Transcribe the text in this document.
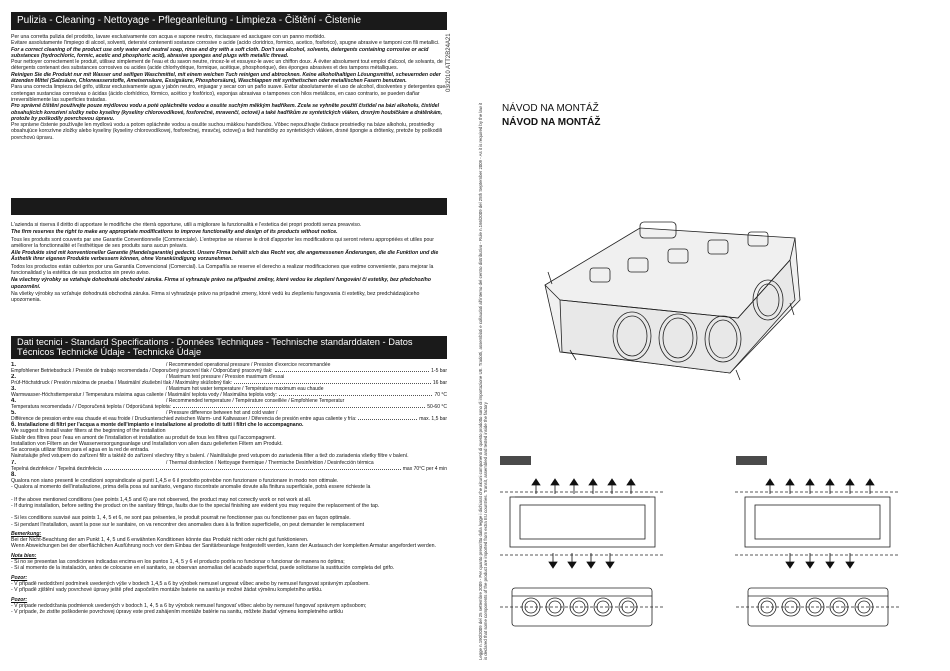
Pulizia - Cleaning - Nettoyage - Pflegeanleitung - Limpieza - Čištění - Čistenie

Per una corretta pulizia del prodotto, lavare esclusivamente con acqua e sapone neutro, risciaquare ed asciugare con un panno morbido.

Evitare assolutamente l'impiego di alcool, solventi, detersivi contenenti sostanze corrosive o acide (acido cloridrico, formico, acetico, fosforico), spugne abrasive e tamponi con fili metallici.

For a correct cleaning of the product use only water and neutral soap, rinse and dry with a soft cloth. Don't use alcohol, solvents, detergents containing corrosive or acid substances (hydrochloric, formic, acetic and phosphoric acid), abrasive sponges and plugs with metallic thread.

Pour nettoyer correctement le produit, utilisez simplement de l'eau et du savon neutre, rincez-le et essuyez-le avec un chiffon doux. À éviter absolument tout emploi d'alcool, de solvants, de détergents contenant des substances corrosives ou acides (acide chlorhydrique, formique, acétique, phosphorique), des éponges abrasives et des tampons métalliques.

Reinigen Sie die Produkt nur mit Wasser und seifigen Waschmittel, mit einem weichen Tuch reinigen und abtrocknen. Keine alkoholhaltigen Lösungsmittel, scheuernden oder ätzenden Mittel (Salzsäure, Chlorwasserstoffe, Ameisensäure, Essigsäure, Phosphorsäure), Waschlappen mit synthetischen oder metallischen Fasern benutzen.

Para una correcta limpieza del grifo, utilizar exclusivamente agua y jabón neutro, enjuagar y secar con un paño suave. Evitar absolutamente el uso de alcohol, disolventes y detergentes que contengan sustancias corrosivas o ácidas (ácido clorhídrico, fórmico, acético y fosfórico), esponjas abrasivas o tampones con hilos metálicos, en caso contrario, se pueden dañar irreversiblemente las superficies tratadas.

Pro správné čištění používejte pouze mýdlovou vodu a poté opláchněte vodou a osušte suchým měkkým hadříkem. Zcela se vyhněte použití čistidel na bázi alkoholu, čistidel obsahujících korozivní složky nebo kyseliny (kyseliny chlorovodíkové, fosforečné, mravenčí, octové) a také hadříkům ze syntetických vláken, drsným houbičkám a drátěnkám, protože by poškodily povrchovou úpravu.

Pre správne čistenie používajte len mydlovú vodu a potom opláchnite vodou a osušte suchou mäkkou handričkou. Vôbec nepoužívajte čistiace prostriedky na báze alkoholu, prostriedky obsahujúce korozívne zložky alebo kyseliny (kyseliny chlorovodíkovej, fosforečnej, mravčej, octovej) a tiež handričky zo syntetických vlákien, drsné špongie a drôtenky, pretože by poškodili povrchovú úpravu.

L'azienda si riserva il diritto di apportare le modifiche che riterrà opportune, utili a migliorare la funzionalità e l'estetica dei propri prodotti senza preavviso.

The firm reserves the right to make any appropriate modifications to improve functionality and design of its products without notice.

Tous les produits sont couverts par une Garantie Conventionnelle (Commerciale). L'entreprise se réserve le droit d'apporter les modifications qui seront retenu appropriées et utiles pour améliorer la fonctionnalité et l'esthétique de ses produits sans aucun préavis.

Alle Produkte sind mit konventioneller Garantie (Handelsgarantie) gedeckt. Unsere Firma behält sich das Recht vor, die angemessenen Änderungen, die die Funktion und die Ästhetik ihrer eigenen Produkte verbessern können, ohne Vorankündigung vorzunehmen.

Todos los productos están cubiertos por una Garantía Convencional (Comercial). La Compañía se reserve el derecho a realizar modificaciones que estime conveniente, para mejorar la funcionalidad y la estética de sus productos sin previo aviso.

Na všechny výrobky se vztahuje dohodnutá obchodní záruka. Firma si vyhrazuje právo na případné změny, které vedou ke zlepšení fungování či estetiky, bez předchozího upozornění.

Na všetky výrobky sa vzťahuje dohodnutá obchodná záruka. Firma si vyhradzuje právo na prípadné zmeny, ktoré vedú ku zlepšeniu fungovania či estetiky, bez predchádzajúceho upozornenia.

Dati tecnici - Standard Specifications - Données Techniques - Technische standarddaten - Datos Técnicos Technické Údaje - Technické Údaje
1.	/ Recommended operational pressure / Pression d'exercice recommandée
Empfohlener Betriebsdruck / Presión de trabajo recomendada / Doporučený pracovní tlak / Odporúčaný pracovný tlak:	1-5 bar
2.	/ Maximum test pressure / Pression maximum d'essai
Prüf-Höchstdruck / Presión máxima de prueba / Maximální zkušební tlak / Maximálny skúšobný tlak:	16 bar
3.	/ Maximum hot water temperature / Température maximum eau chaude
Warmwasser-Höchsttemperatur / Temperatura máxima agua caliente / Maximální teplota vody / Maximálna teplota vody:	70 °C
4.	/ Recommended temperature / Température conseillée / Empfohlene Temperatur
Temperatura recomendada / / Doporučená teplota / Odporúčaná teplota:	50-60 °C
5.	/ Pressure difference between hot and cold water /
Différence de pression entre eau chaude et eau froide / Druckunterschied zwischen Warm- und Kaltwasser / Diferencia de presión entre agua caliente y fría:	max. 1,5 bar
6. Installazione di filtri per l'acqua a monte dell'impianto e installazione al prodotto di tutti i filtri che lo accompagnano.

We suggest to install water filters at the beginning of the installation

Etablir des filtres pour l'eau en amont de l'installation et installation au produit de tous les filtres qui l'accompagnent.

Installation von Filtern an der Wasserversorgungsanlage und Installation von allen dazu gelieferten Filtern am Produkt.

Se aconseja utilizar filtros para el agua en la red de entrada.

Nainstalujte před vstupem do zařízení filtr a taktéž do zařízení všechny filtry s balení. / Nainštalujte pred vstupom do zariadenia filter a tiež do zariadenia všetky filtre v balení.

7.	/ Thermal disinfection / Nettoyage thermique / Thermische Desinfektion / Desinfección térmica
Tepelná dezinfekce / Tepelná dezinfekcia	max 70°C per 4 min
8.

Qualora non siano presenti le condizioni sopraindicate ai punti 1,4,5 e 6 il prodotto potrebbe non funzionare o funzionare in modo non ottimale.

- Qualora al momento dell'installazione, prima della posa sul sanitario, vengano riscontrate anomalie dovute alla finitura superficiale, potrà essere richieste la

- If the above mentioned conditions (see points 1,4,5 and 6) are not observed, the product may not correctly work or not work at all.

- If during installation, before setting the product on the sanitary fittings, faults due to the special finishing are evident you may require the replacement of the tap.

- Si les conditions susvisé aux points 1, 4, 5 et 6, ne sont pas présentes, le produit pourrait ne fonctionner pas ou fonctionner pas en façon optimale.

- Si pendant l'installation, avant la pose sur le sanitaire, on va rencontrer des anomalies dues à la finition superficielle, on peut demander le remplacement

Bemerkung:

Bei der Nicht-Beachtung der am Punkt 1, 4, 5 und 6 erwähnten Konditionen könnte das Produkt nicht oder nicht gut funktionieren.

Wenn Abweichungen bei der oberflächlichen Ausführung noch vor dem Einbau der Sanitärbeanlage festgestellt werden, kann der Austausch der kompletten Armatur angefordert werden.

Nota bien:

- Si no se presentan las condiciones indicadas encima en los puntos 1, 4, 5 y 6 el producto podría no funcionar o funcionar de manera no óptima;

- Si al momento de la instalación, antes de colocarse en el sanitario, se observan anomalías del acabado superficial, puede solicitarse la sustitución completa del grifo.

Pozor:

- V případě nedodržení podmínek uvedených výše v bodech 1,4,5 a 6 by výrobek nemusel ungovat vůbec anebo by nemusel fungovat správným způsobem.

- V případě zjištění vady povrchové úpravy ještě před započetím montáže baterie na sanitu je možné žádat výměnu kompletního artiklu.

Pozor:

- V prípade nedodržania podmienok uvedených v bodoch 1, 4, 5 a 6 by výrobok nemusel fungovať vôbec alebo by nemusel fungovať správnym spôsobom;

- V prípade, že zistíte poškodenie povrchovej úpravy este pred zahájením montáže batérie na sanitu, môžete žiadať výmenu kompletného artiklu

03/2010 ATT2B24A21
Legge n.190/2009 del 25 settembre 2009 - Per quanto prescritto dalla legge i dichiarat che alcuni componenti di questo prodotto sono di importazione UE. Tradotti, assemblati e collaudati all'interno del centro distributivo - Rule n.166/2009 del 25th September 2009 - As it is required by the law it is declared that some components of the product are imported from extra EU countries. Transit, assembled and tested inside the factory
NÁVOD NA MONTÁŽ
NÁVOD NA MONTÁŽ
